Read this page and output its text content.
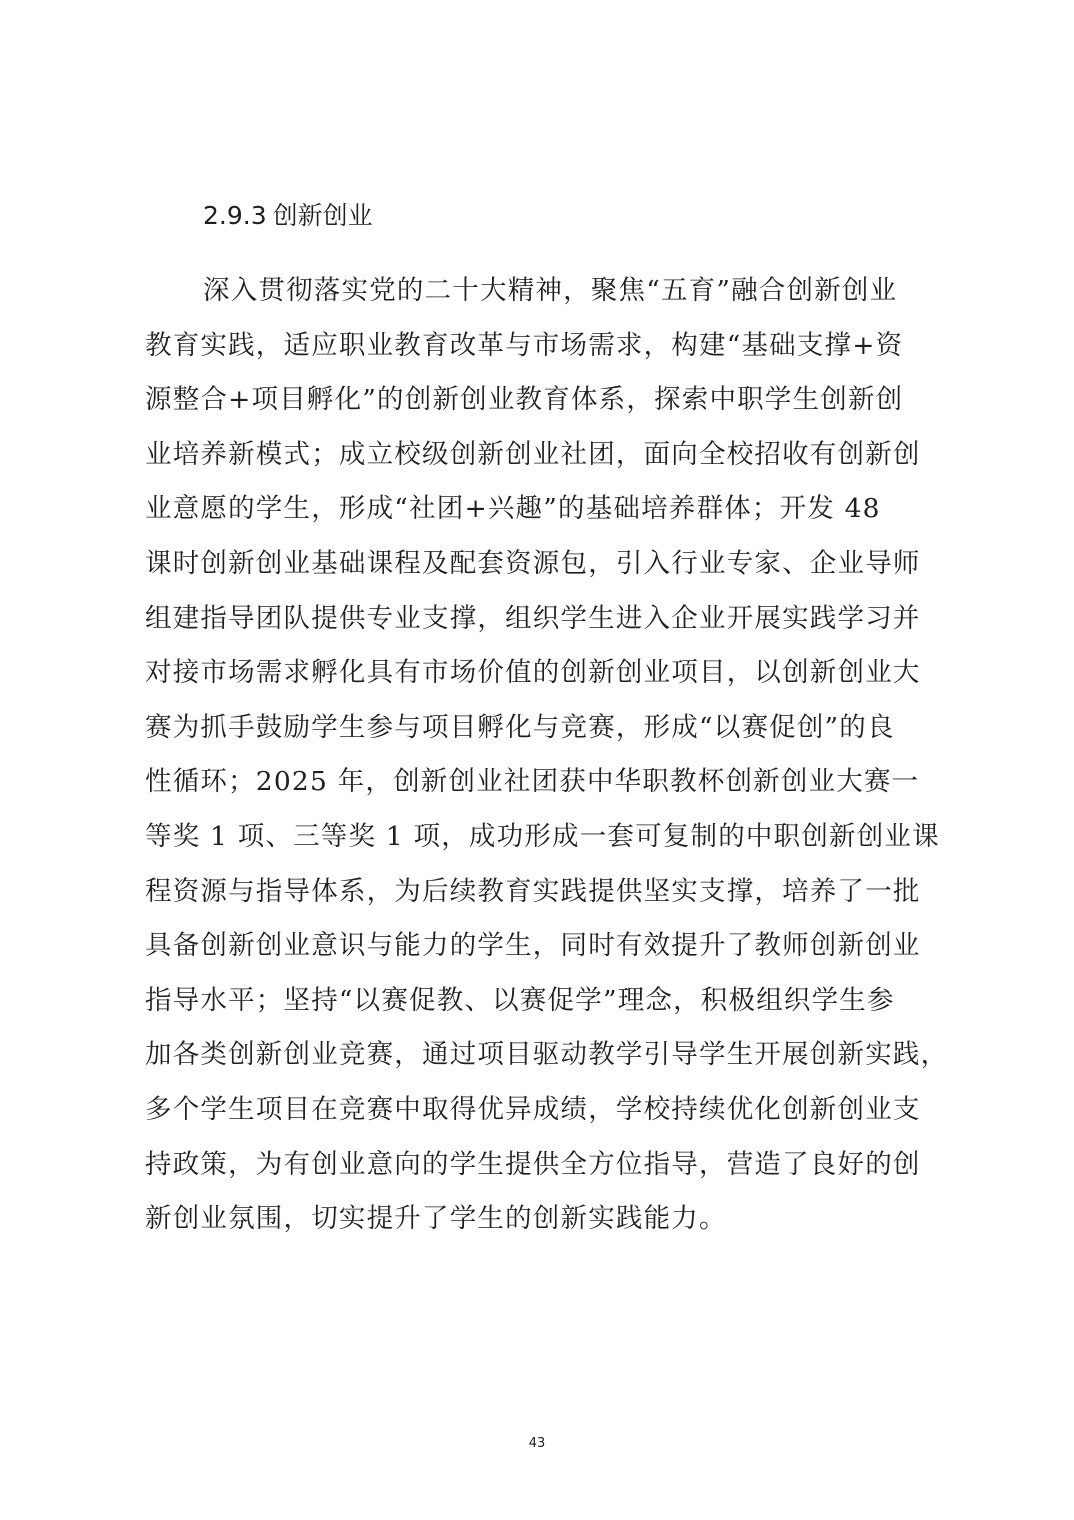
2.9.3 创新创业
深入贯彻落实党的二十大精神，聚焦“五育”融合创新创业
教育实践，适应职业教育改革与市场需求，构建“基础支撑+资
源整合+项目孵化”的创新创业教育体系，探索中职学生创新创
业培养新模式；成立校级创新创业社团，面向全校招收有创新创
业意愿的学生，形成“社团+兴趣”的基础培养群体；开发 48
课时创新创业基础课程及配套资源包，引入行业专家、企业导师
组建指导团队提供专业支撑，组织学生进入企业开展实践学习并
对接市场需求孵化具有市场价值的创新创业项目，以创新创业大
赛为抓手鼓励学生参与项目孵化与竞赛，形成“以赛促创”的良
性循环；2025 年，创新创业社团获中华职教杯创新创业大赛一
等奖 1 项、三等奖 1 项，成功形成一套可复制的中职创新创业课
程资源与指导体系，为后续教育实践提供坚实支撑，培养了一批
具备创新创业意识与能力的学生，同时有效提升了教师创新创业
指导水平；坚持“以赛促教、以赛促学”理念，积极组织学生参
加各类创新创业竞赛，通过项目驱动教学引导学生开展创新实践，
多个学生项目在竞赛中取得优异成绩，学校持续优化创新创业支
持政策，为有创业意向的学生提供全方位指导，营造了良好的创
新创业氛围，切实提升了学生的创新实践能力。
43
